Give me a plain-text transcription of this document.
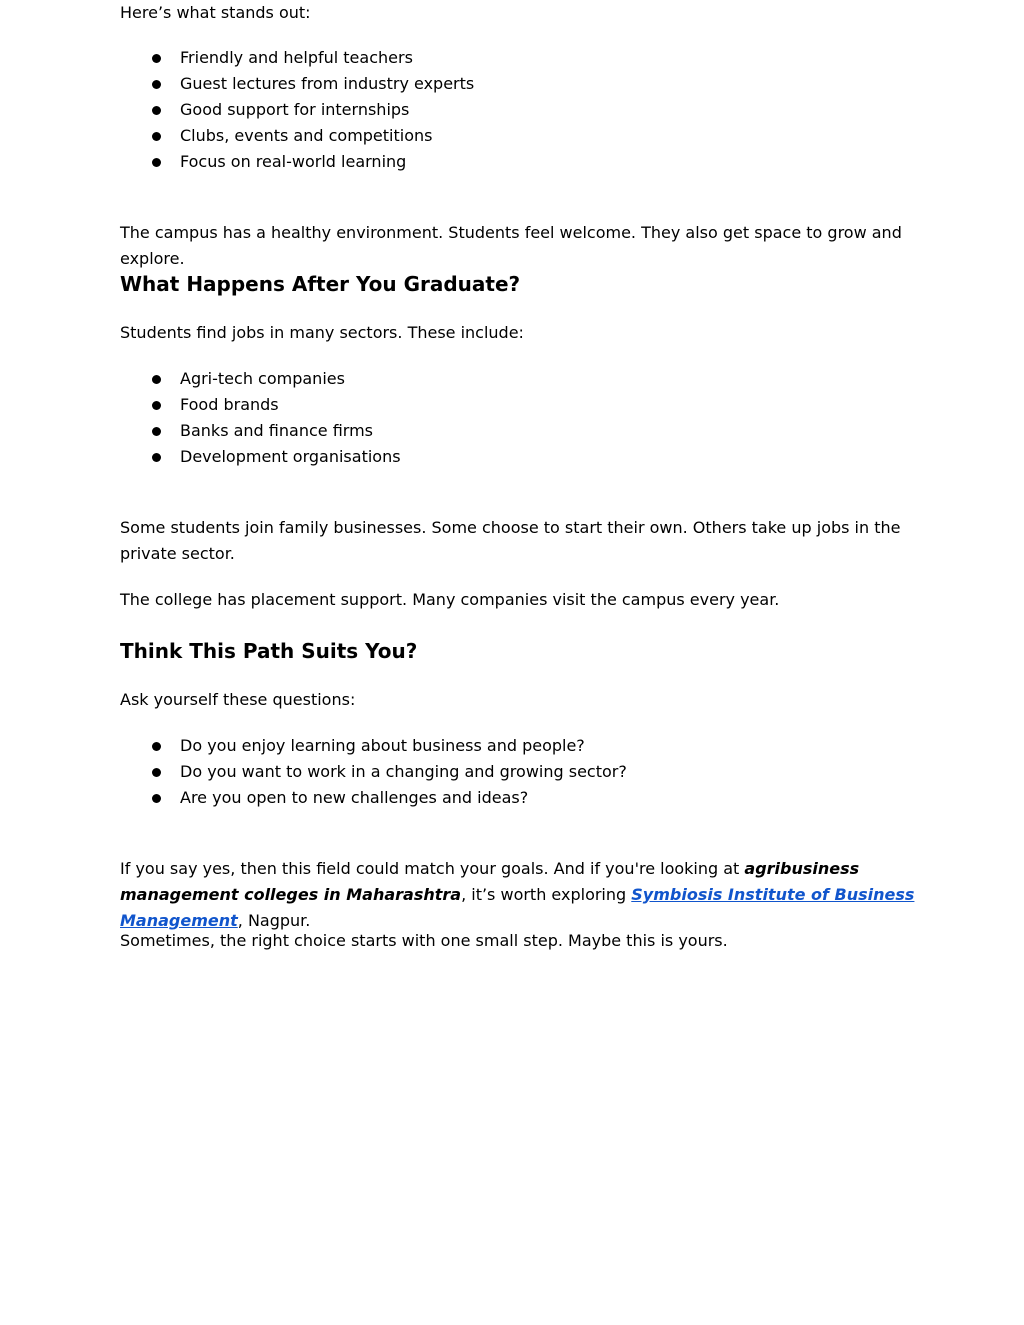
Here’s what stands out:

Friendly and helpful teachers
Guest lectures from industry experts
Good support for internships
Clubs, events and competitions
Focus on real-world learning

The campus has a healthy environment. Students feel welcome. They also get space to grow and explore.

What Happens After You Graduate?

Students find jobs in many sectors. These include:

Agri-tech companies
Food brands
Banks and finance firms
Development organisations

Some students join family businesses. Some choose to start their own. Others take up jobs in the private sector.

The college has placement support. Many companies visit the campus every year.

Think This Path Suits You?

Ask yourself these questions:

Do you enjoy learning about business and people?
Do you want to work in a changing and growing sector?
Are you open to new challenges and ideas?

If you say yes, then this field could match your goals. And if you're looking at agribusiness management colleges in Maharashtra, it’s worth exploring Symbiosis Institute of Business Management, Nagpur.

Sometimes, the right choice starts with one small step. Maybe this is yours.
